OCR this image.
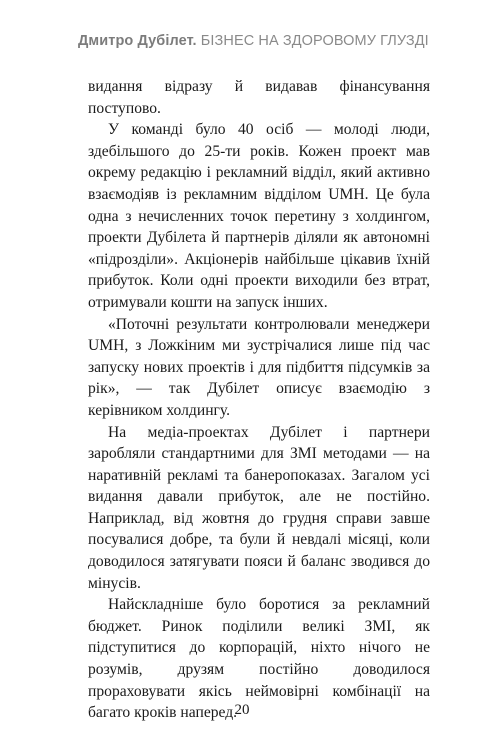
Дмитро Дубілет. БІЗНЕС НА ЗДОРОВОМУ ГЛУЗДІ

видання відразу й видавав фінансування поступово.

У команді було 40 осіб — молоді люди, здебільшого до 25-ти років. Кожен проект мав окрему редакцію і рекламний відділ, який активно взаємодіяв із рекламним відділом UMH. Це була одна з нечисленних точок перетину з холдингом, проекти Дубілета й партнерів діляли як автономні «підрозділи». Акціонерів найбільше цікавив їхній прибуток. Коли одні проекти виходили без втрат, отримували кошти на запуск інших.

«Поточні результати контролювали менеджери UMH, з Ложкіним ми зустрічалися лише під час запуску нових проектів і для підбиття підсумків за рік», — так Дубілет описує взаємодію з керівником холдингу.

На медіа-проектах Дубілет і партнери заробляли стандартними для ЗМІ методами — на наративній рекламі та банеропоказах. Загалом усі видання давали прибуток, але не постійно. Наприклад, від жовтня до грудня справи завше посувалися добре, та були й невдалі місяці, коли доводилося затягувати пояси й баланс зводився до мінусів.

Найскладніше було боротися за рекламний бюджет. Ринок поділили великі ЗМІ, як підступитися до корпорацій, ніхто нічого не розумів, друзям постійно доводилося прораховувати якісь неймовірні комбінації на багато кроків наперед.

20
